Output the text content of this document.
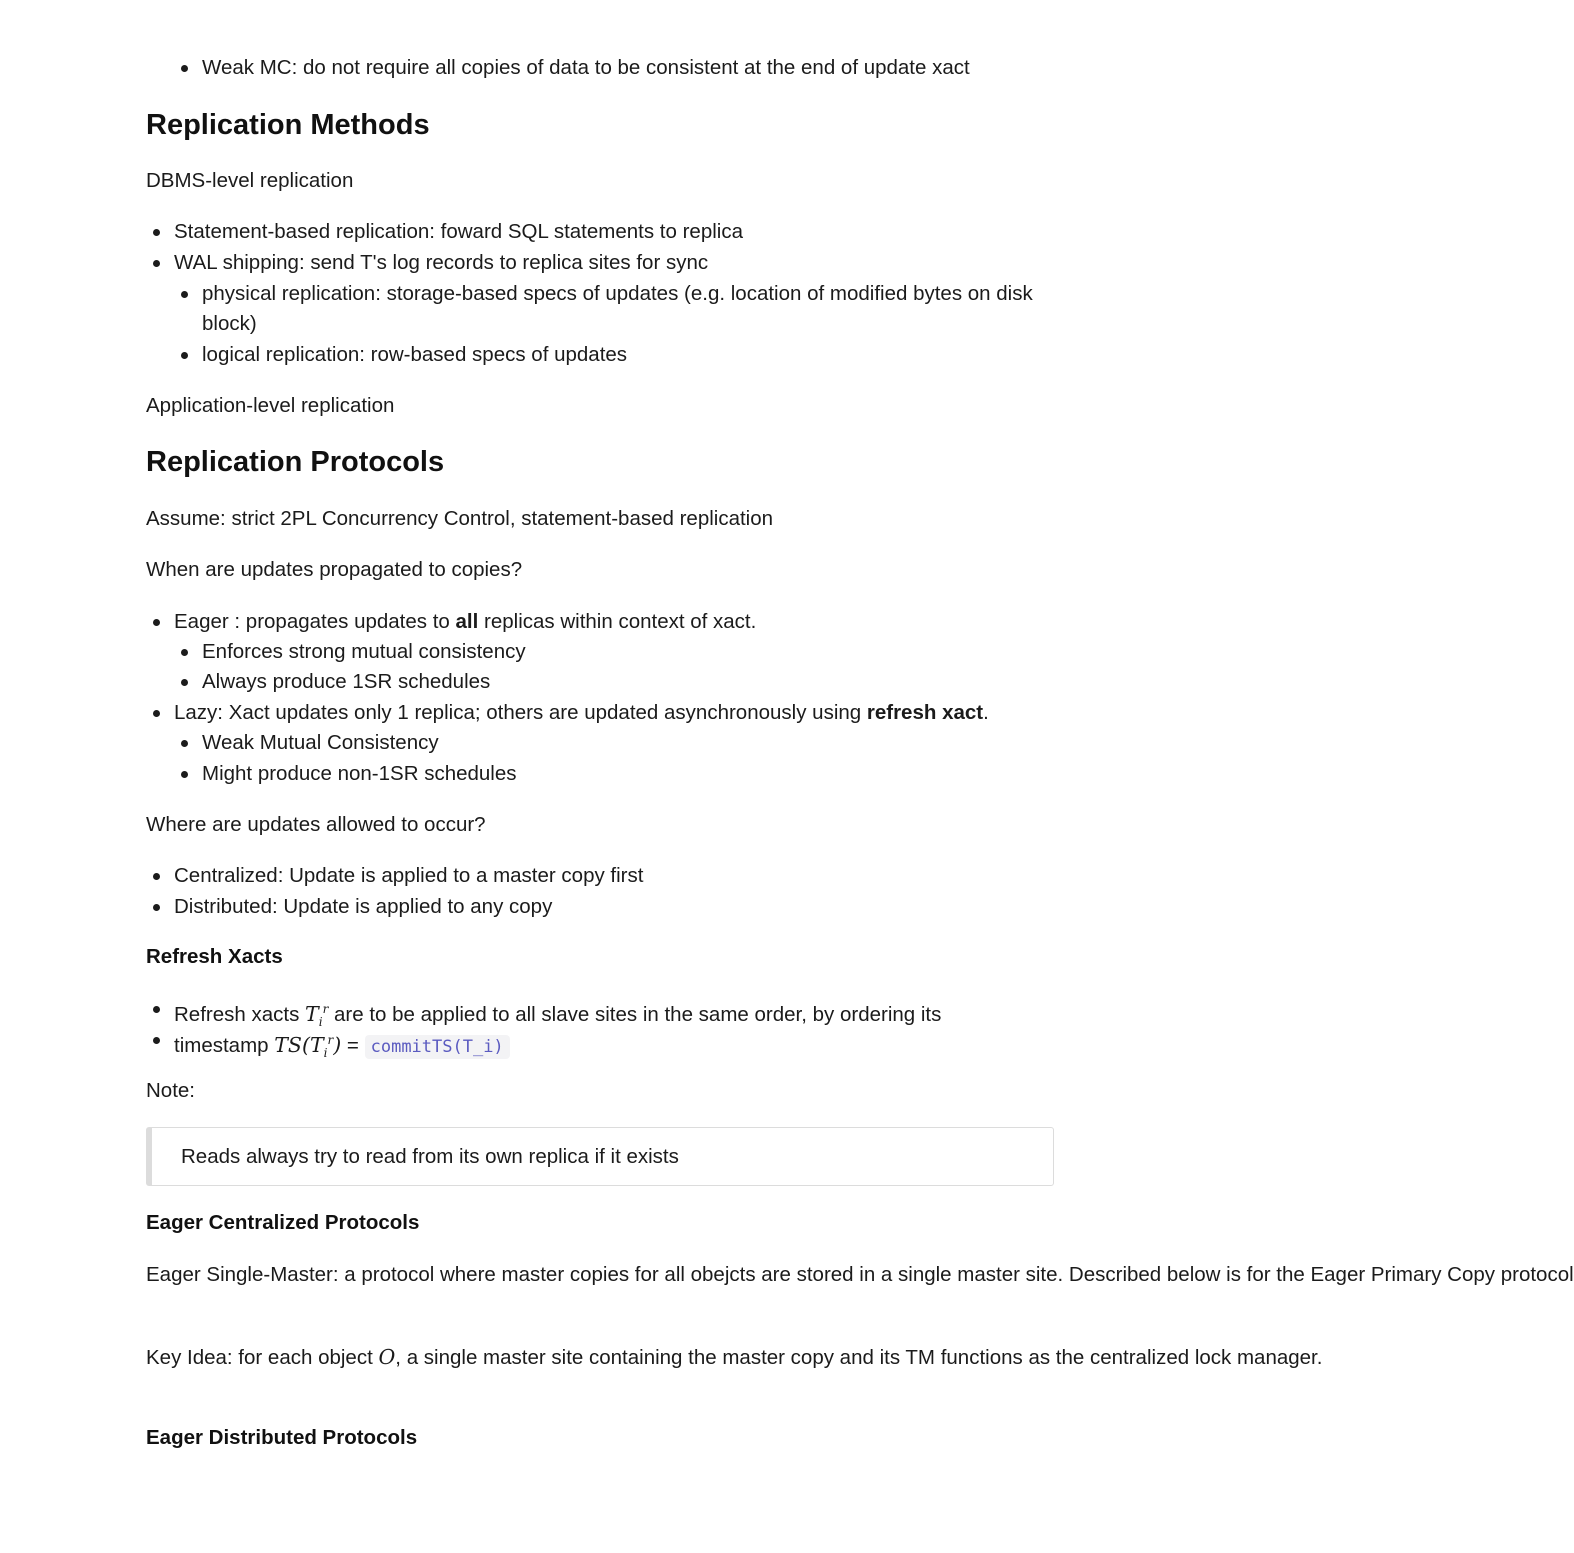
Weak MC: do not require all copies of data to be consistent at the end of update xact
Replication Methods

DBMS-level replication

Statement-based replication: foward SQL statements to replica
WAL shipping: send T's log records to replica sites for sync
physical replication: storage-based specs of updates (e.g. location of modified bytes on disk block)
logical replication: row-based specs of updates

Application-level replication

Replication Protocols

Assume: strict 2PL Concurrency Control, statement-based replication

When are updates propagated to copies?

Eager : propagates updates to all replicas within context of xact.
Enforces strong mutual consistency
Always produce 1SR schedules
Lazy: Xact updates only 1 replica; others are updated asynchronously using refresh xact.
Weak Mutual Consistency
Might produce non-1SR schedules

Where are updates allowed to occur?

Centralized: Update is applied to a master copy first
Distributed: Update is applied to any copy
Refresh Xacts
Refresh xacts $T_i^r$ are to be applied to all slave sites in the same order, by ordering its
timestamp $TS(T_i^r)$ = commitTS(T_i)

Note:

Reads always try to read from its own replica if it exists
Eager Centralized Protocols

Eager Single-Master: a protocol where master copies for all obejcts are stored in a single master site. Described below is for the Eager Primary Copy protocol

Key Idea: for each object O, a single master site containing the master copy and its TM functions as the centralized lock manager.

Eager Distributed Protocols
